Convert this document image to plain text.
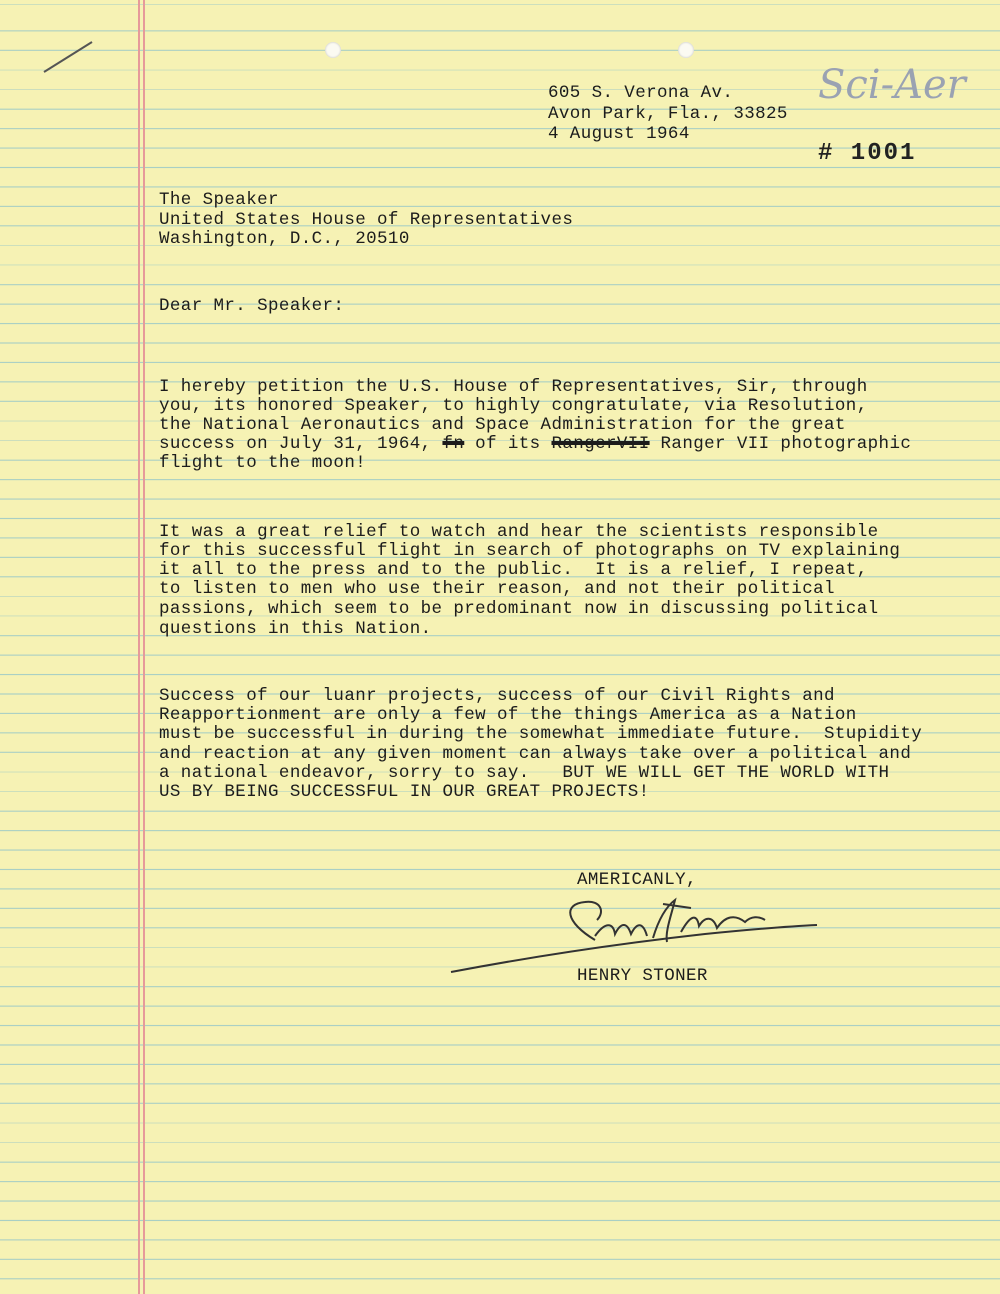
605 S. Verona Av.
Avon Park, Fla., 33825
4 August 1964
Sci-Aer
# 1001
The Speaker
United States House of Representatives
Washington, D.C., 20510
Dear Mr. Speaker:
I hereby petition the U.S. House of Representatives, Sir, through
you, its honored Speaker, to highly congratulate, via Resolution,
the National Aeronautics and Space Administration for the great
success on July 31, 1964, fn of its RangerVII Ranger VII photographic
flight to the moon!
It was a great relief to watch and hear the scientists responsible
for this successful flight in search of photographs on TV explaining
it all to the press and to the public.  It is a relief, I repeat,
to listen to men who use their reason, and not their political
passions, which seem to be predominant now in discussing political
questions in this Nation.
Success of our luanr projects, success of our Civil Rights and
Reapportionment are only a few of the things America as a Nation
must be successful in during the somewhat immediate future.  Stupidity
and reaction at any given moment can always take over a political and
a national endeavor, sorry to say.   BUT WE WILL GET THE WORLD WITH
US BY BEING SUCCESSFUL IN OUR GREAT PROJECTS!
AMERICANLY,
HENRY STONER
